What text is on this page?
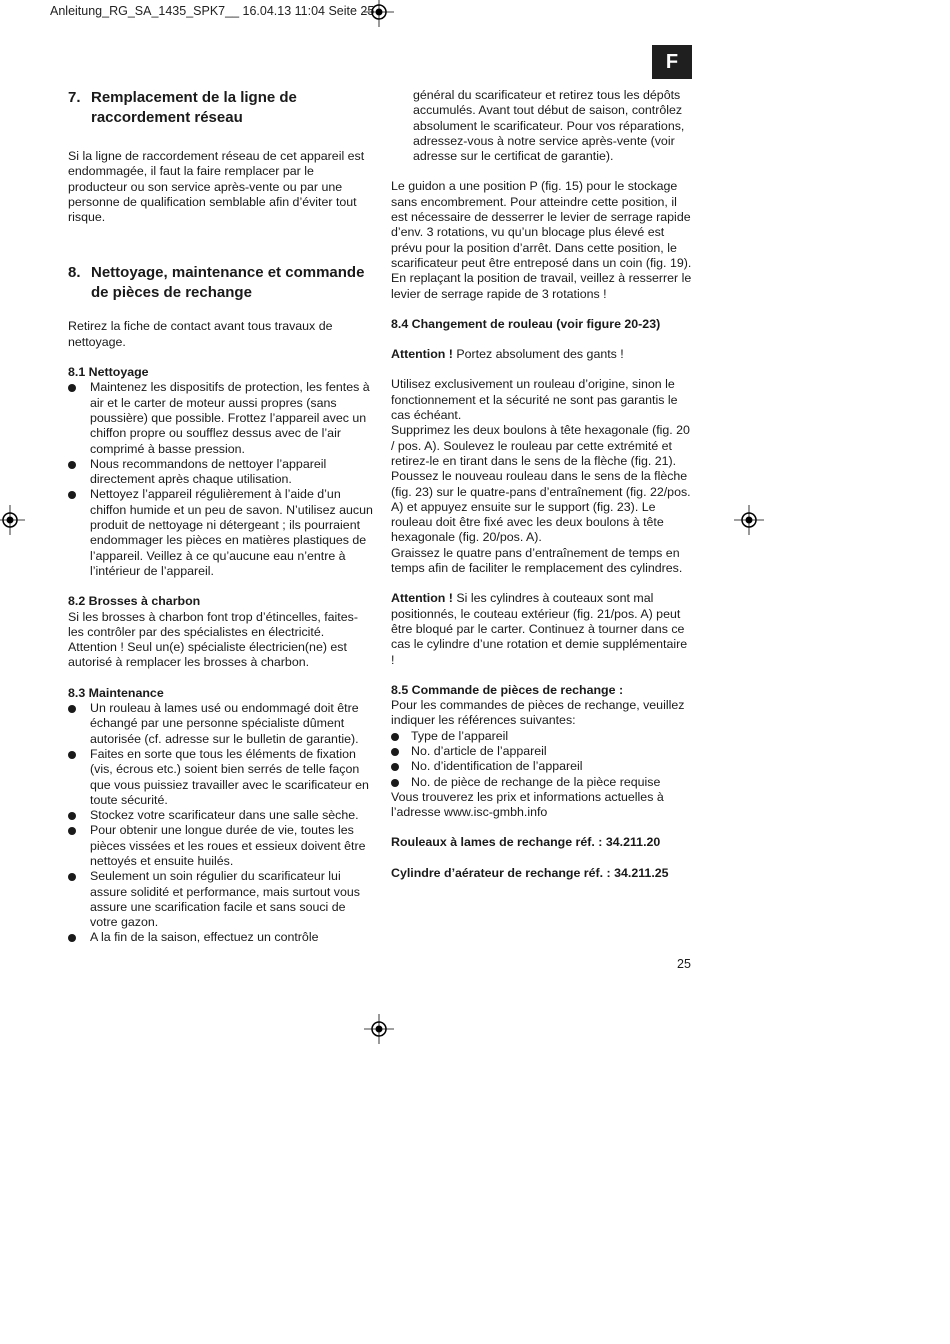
Anleitung_RG_SA_1435_SPK7__ 16.04.13 11:04 Seite 25
F
7. Remplacement de la ligne de raccordement réseau

Si la ligne de raccordement réseau de cet appareil est endommagée, il faut la faire remplacer par le producteur ou son service après-vente ou par une personne de qualification semblable afin d’éviter tout risque.

8. Nettoyage, maintenance et commande de pièces de rechange

Retirez la fiche de contact avant tous travaux de nettoyage.

8.1 Nettoyage

Maintenez les dispositifs de protection, les fentes à air et le carter de moteur aussi propres (sans poussière) que possible. Frottez l’appareil avec un chiffon propre ou soufflez dessus avec de l’air comprimé à basse pression.
Nous recommandons de nettoyer l’appareil directement après chaque utilisation.
Nettoyez l’appareil régulièrement à l’aide d’un chiffon humide et un peu de savon. N’utilisez aucun produit de nettoyage ni détergeant ; ils pourraient endommager les pièces en matières plastiques de l’appareil. Veillez à ce qu’aucune eau n’entre à l’intérieur de l’appareil.

8.2 Brosses à charbon

Si les brosses à charbon font trop d’étincelles, faites-les contrôler par des spécialistes en électricité.

Attention ! Seul un(e) spécialiste électricien(ne) est autorisé à remplacer les brosses à charbon.

8.3 Maintenance

Un rouleau à lames usé ou endommagé doit être échangé par une personne spécialiste dûment autorisée (cf. adresse sur le bulletin de garantie).
Faites en sorte que tous les éléments de fixation (vis, écrous etc.) soient bien serrés de telle façon que vous puissiez travailler avec le scarificateur en toute sécurité.
Stockez votre scarificateur dans une salle sèche.
Pour obtenir une longue durée de vie, toutes les pièces vissées et les roues et essieux doivent être nettoyés et ensuite huilés.
Seulement un soin régulier du scarificateur lui assure solidité et performance, mais surtout vous assure une scarification facile et sans souci de votre gazon.
A la fin de la saison, effectuez un contrôle

général du scarificateur et retirez tous les dépôts accumulés. Avant tout début de saison, contrôlez absolument le scarificateur. Pour vos réparations, adressez-vous à notre service après-vente (voir adresse sur le certificat de garantie).

Le guidon a une position P (fig. 15) pour le stockage sans encombrement. Pour atteindre cette position, il est nécessaire de desserrer le levier de serrage rapide d’env. 3 rotations, vu qu’un blocage plus élevé est prévu pour la position d’arrêt. Dans cette position, le scarificateur peut être entreposé dans un coin (fig. 19). En replaçant la position de travail, veillez à resserrer le levier de serrage rapide de 3 rotations !

8.4 Changement de rouleau (voir figure 20-23)

Attention ! Portez absolument des gants !

Utilisez exclusivement un rouleau d’origine, sinon le fonctionnement et la sécurité ne sont pas garantis le cas échéant.

Supprimez les deux boulons à tête hexagonale (fig. 20 / pos. A). Soulevez le rouleau par cette extrémité et retirez-le en tirant dans le sens de la flèche (fig. 21). Poussez le nouveau rouleau dans le sens de la flèche (fig. 23) sur le quatre-pans d’entraînement (fig. 22/pos. A) et appuyez ensuite sur le support (fig. 23). Le rouleau doit être fixé avec les deux boulons à tête hexagonale (fig. 20/pos. A).

Graissez le quatre pans d’entraînement de temps en temps afin de faciliter le remplacement des cylindres.

Attention ! Si les cylindres à couteaux sont mal positionnés, le couteau extérieur (fig. 21/pos. A) peut être bloqué par le carter. Continuez à tourner dans ce cas le cylindre d’une rotation et demie supplémentaire !

8.5 Commande de pièces de rechange :

Pour les commandes de pièces de rechange, veuillez indiquer les références suivantes:

Type de l’appareil
No. d’article de l’appareil
No. d’identification de l’appareil
No. de pièce de rechange de la pièce requise

Vous trouverez les prix et informations actuelles à l’adresse www.isc-gmbh.info

Rouleaux à lames de rechange réf. : 34.211.20

Cylindre d’aérateur de rechange réf. : 34.211.25

25
